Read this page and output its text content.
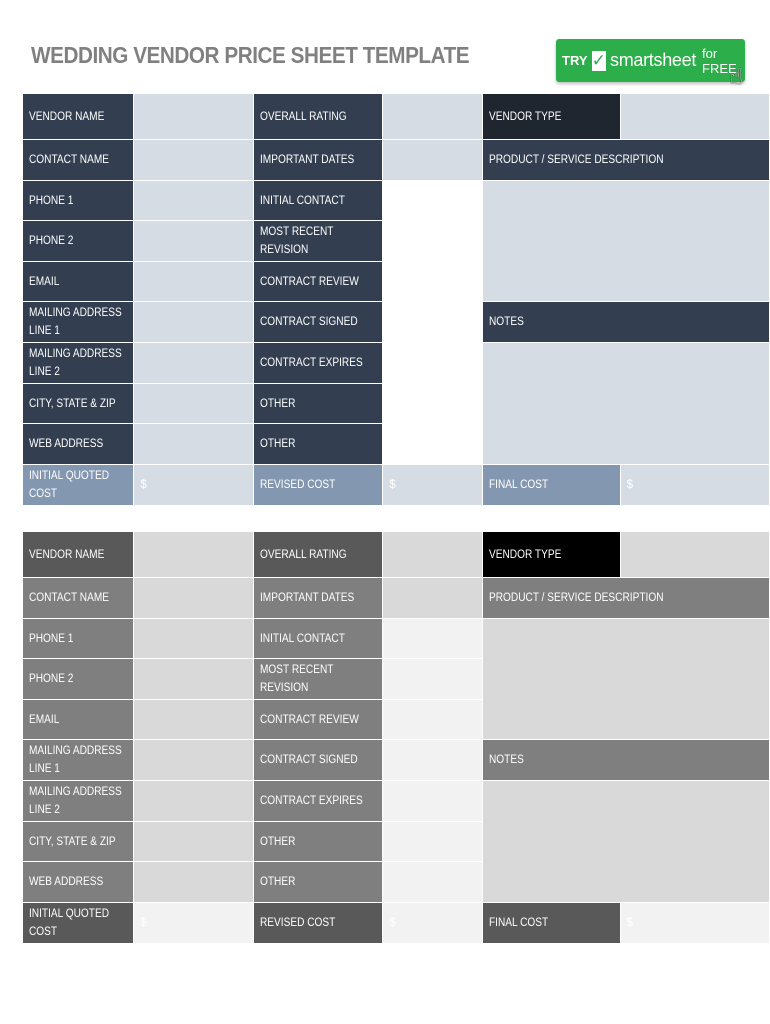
WEDDING VENDOR PRICE SHEET TEMPLATE	TRY ✓ smartsheet for FREE
☝
VENDOR NAME		OVERALL RATING		VENDOR TYPE	
CONTACT NAME		IMPORTANT DATES		PRODUCT / SERVICE DESCRIPTION	
PHONE 1		INITIAL CONTACT			
PHONE 2		MOST RECENT REVISION			
EMAIL		CONTRACT REVIEW			
MAILING ADDRESS LINE 1		CONTRACT SIGNED		NOTES	
MAILING ADDRESS LINE 2		CONTRACT EXPIRES			
CITY, STATE & ZIP		OTHER			
WEB ADDRESS		OTHER			
INITIAL QUOTED COST	$	REVISED COST	$	FINAL COST	$
VENDOR NAME		OVERALL RATING		VENDOR TYPE	
CONTACT NAME		IMPORTANT DATES		PRODUCT / SERVICE DESCRIPTION	
PHONE 1		INITIAL CONTACT			
PHONE 2		MOST RECENT REVISION			
EMAIL		CONTRACT REVIEW			
MAILING ADDRESS LINE 1		CONTRACT SIGNED		NOTES	
MAILING ADDRESS LINE 2		CONTRACT EXPIRES			
CITY, STATE & ZIP		OTHER			
WEB ADDRESS		OTHER			
INITIAL QUOTED COST	$	REVISED COST	$	FINAL COST	$
